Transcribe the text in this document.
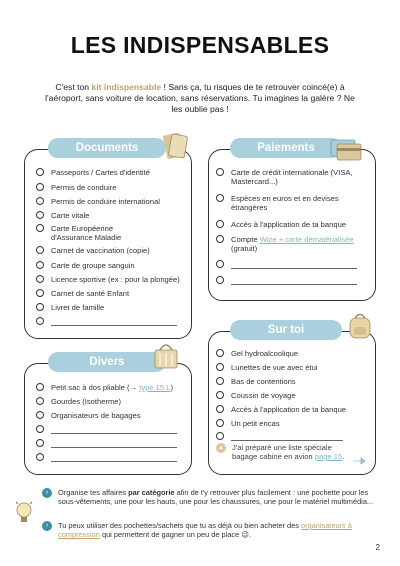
LES INDISPENSABLES
C'est ton kit indispensable ! Sans ça, tu risques de te retrouver coincé(e) à l'aéroport, sans voiture de location, sans réservations. Tu imagines la galère ? Ne les oublie pas !
Documents
Passeports / Cartes d'identité
Permis de conduire
Permis de conduire international
Carte vitale
Carte Européenne d'Assurance Maladie
Carnet de vaccination (copie)
Carte de groupe sanguin
Licence sportive (ex : pour la plongée)
Carnet de santé Enfant
Livret de famille
Paiements
Carte de crédit internationale (VISA, Mastercard...)
Espèces en euros et en devises étrangères
Accès à l'application de ta banque
Compte Wize + carte dématérialisée (gratuit)
Divers
Petit sac à dos pliable (→ type 15 L)
Gourdes (Isotherme)
Organisateurs de bagages
Sur toi
Gel hydroalcoolique
Lunettes de vue avec étui
Bas de contentions
Coussin de voyage
Accès à l'application de ta banque
Un petit encas
▲ J'ai préparé une liste spéciale
bagage cabine en avion page 15.
›	Organise tes affaires par catégorie afin de t'y retrouver plus facilement : une pochette pour les sous-vêtements, une pour les hauts, une pour les chaussures, une pour le matériel multimédia...
›	Tu peux utiliser des pochettes/sachets que tu as déjà ou bien acheter des organisateurs à compression qui permettent de gagner un peu de place 😉.
2
